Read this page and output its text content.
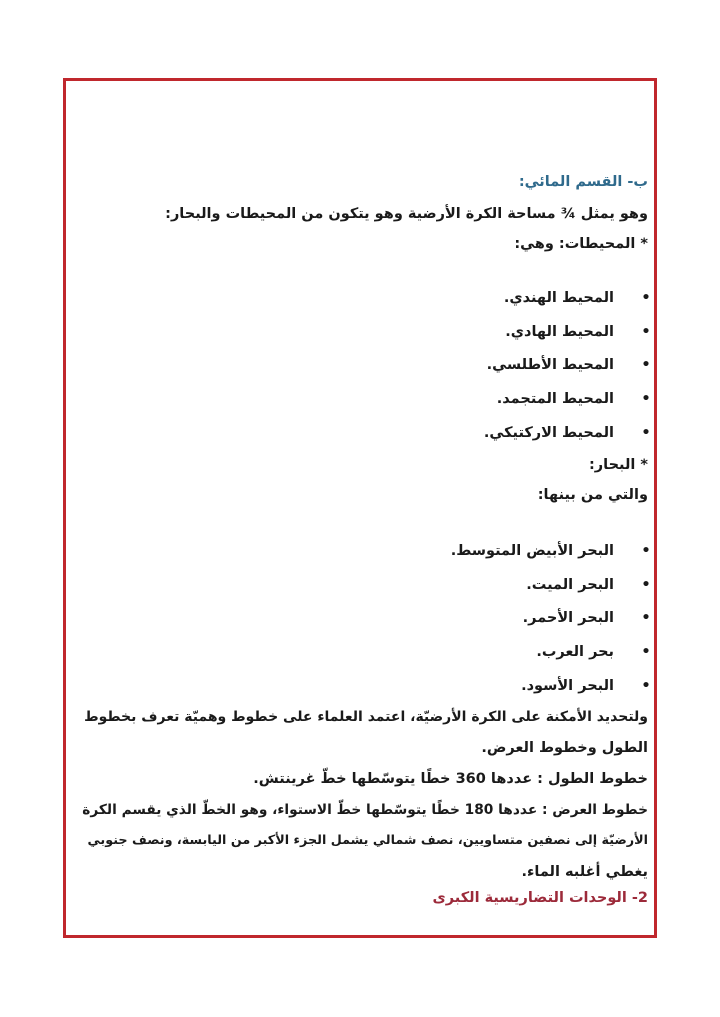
ب- القسم المائي:
وهو يمثل ¾ مساحة الكرة الأرضية وهو يتكون من المحيطات والبحار:
* المحيطات: وهي:
•
المحيط الهندي.
•
المحيط الهادي.
•
المحيط الأطلسي.
•
المحيط المتجمد.
•
المحيط الاركتيكي.
* البحار:
والتي من بينها:
•
البحر الأبيض المتوسط.
•
البحر الميت.
•
البحر الأحمر.
•
بحر العرب.
•
البحر الأسود.
ولتحديد الأمكنة على الكرة الأرضيّة، اعتمد العلماء على خطوط وهميّة تعرف بخطوط
الطول وخطوط العرض.
خطوط الطول : عددها 360 خطًا يتوسّطها خطّ غرينتش.
خطوط العرض : عددها 180 خطًا يتوسّطها خطّ الاستواء، وهو الخطّ الذي يقسم الكرة
الأرضيّة إلى نصفين متساويين، نصف شمالي يشمل الجزء الأكبر من اليابسة، ونصف جنوبي
يغطي أغلبه الماء.
2- الوحدات التضاريسية الكبرى
